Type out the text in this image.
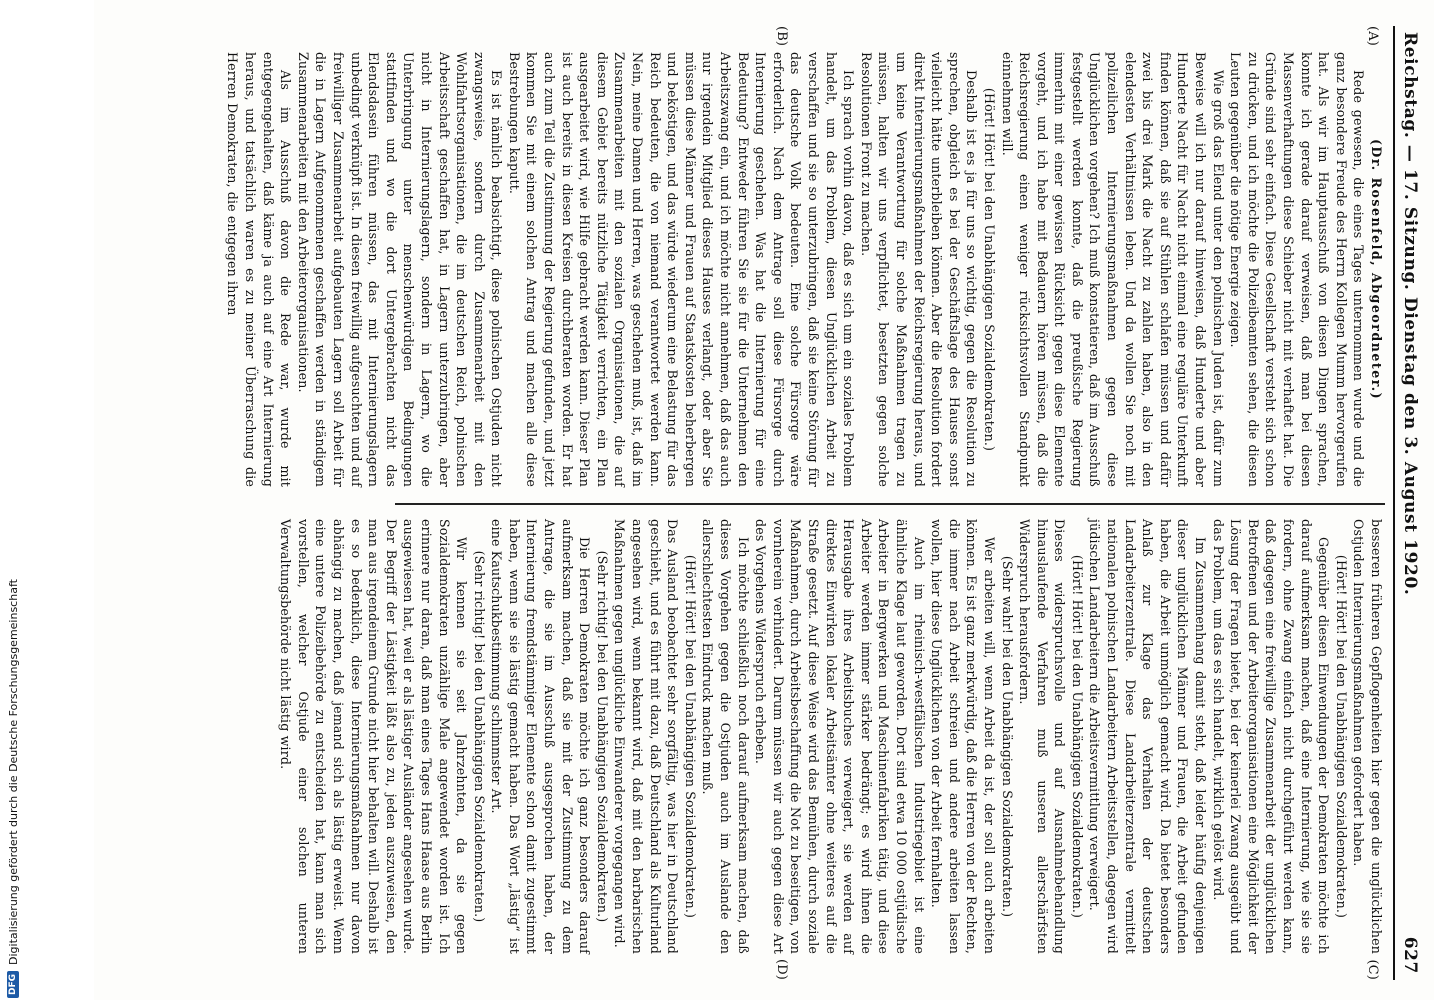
Reichstag. — 17. Sitzung. Dienstag den 3. August 1920.
627
(A)
(B)

(Dr. Rosenfeld, Abgeordneter.)

Rede gewesen, die eines Tages unternommen wurde und die ganz besondere Freude des Herrn Kollegen Mumm hervorgerufen hat. Als wir im Hauptausschuß von diesen Dingen sprachen, konnte ich gerade darauf verweisen, daß man bei diesen Massenverhaftungen diese Schieber nicht mit verhaftet hat. Die Gründe sind sehr einfach. Diese Gesellschaft versteht sich schon zu drücken, und ich möchte die Polizeibeamten sehen, die diesen Leuten gegenüber die nötige Energie zeigen.

Wie groß das Elend unter den polnischen Juden ist, dafür zum Beweise will ich nur darauf hinweisen, daß Hunderte und aber Hunderte Nacht für Nacht nicht einmal eine reguläre Unterkunft finden können, daß sie auf Stühlen schlafen müssen und dafür zwei bis drei Mark die Nacht zu zahlen haben, also in den elendesten Verhältnissen leben. Und da wollen Sie noch mit polizeilichen Internierungsmaßnahmen gegen diese Unglücklichen vorgehen? Ich muß konstatieren, daß im Ausschuß festgestellt werden konnte, daß die preußische Regierung immerhin mit einer gewissen Rücksicht gegen diese Elemente vorgeht, und ich habe mit Bedauern hören müssen, daß die Reichsregierung einen weniger rücksichtsvollen Standpunkt einnehmen will.

(Hört! Hört! bei den Unabhängigen Sozialdemokraten.)

Deshalb ist es ja für uns so wichtig, gegen die Resolution zu sprechen, obgleich es bei der Geschäftslage des Hauses sonst vielleicht hätte unterbleiben können. Aber die Resolution fordert direkt Internierungsmaßnahmen der Reichsregierung heraus, und um keine Verantwortung für solche Maßnahmen tragen zu müssen, halten wir uns verpflichtet, besetzten gegen solche Resolutionen Front zu machen.

Ich sprach vorhin davon, daß es sich um ein soziales Problem handelt, um das Problem, diesen Unglücklichen Arbeit zu verschaffen und sie so unterzubringen, daß sie keine Störung für das deutsche Volk bedeuten. Eine solche Fürsorge wäre erforderlich. Nach dem Antrage soll diese Fürsorge durch Internierung geschehen. Was hat die Internierung für eine Bedeutung? Entweder führen Sie sie für die Unternehmen den Arbeitszwang ein, und ich möchte nicht annehmen, daß das auch nur irgendein Mitglied dieses Hauses verlangt, oder aber Sie müssen diese Männer und Frauen auf Staatskosten beherbergen und beköstigen, und das würde wiederum eine Belastung für das Reich bedeuten, die von niemand verantwortet werden kann. Nein, meine Damen und Herren, was geschehen muß, ist, daß im Zusammenarbeiten mit den sozialen Organisationen, die auf diesem Gebiet bereits nützliche Tätigkeit verrichten, ein Plan ausgearbeitet wird, wie Hilfe gebracht werden kann. Dieser Plan ist auch bereits in diesen Kreisen durchberaten worden. Er hat auch zum Teil die Zustimmung der Regierung gefunden, und jetzt kommen Sie mit einem solchen Antrag und machen alle diese Bestrebungen kaputt.

Es ist nämlich beabsichtigt, diese polnischen Ostjuden nicht zwangsweise, sondern durch Zusammenarbeit mit den Wohlfahrtsorganisationen, die im deutschen Reich, polnischen Arbeitsschaft geschaffen hat, in Lagern unterzubringen, aber nicht in Internierungslagern, sondern in Lagern, wo die Unterbringung unter menschenwürdigen Bedingungen stattfinden und wo die dort Untergebrachten nicht das Elendsdasein führen müssen, das mit Internierungslagern unbedingt verknüpft ist. In diesen freiwillig aufgesuchten und auf freiwilliger Zusammenarbeit aufgebauten Lagern soll Arbeit für die in Lagern Aufgenommenen geschaffen werden in ständigem Zusammenarbeiten mit den Arbeiterorganisationen.

Als im Ausschuß davon die Rede war, wurde mit entgegengehalten, daß käme ja auch auf eine Art Internierung heraus, und tatsächlich waren es zu meiner Überraschung die Herren Demokraten, die entgegen ihren

(C)
(D)

besseren früheren Gepflogenheiten hier gegen die unglücklichen Ostjuden Internierungsmaßnahmen gefordert haben.

(Hört! Hört! bei den Unabhängigen Sozialdemokraten.)

Gegenüber diesen Einwendungen der Demokraten möchte ich darauf aufmerksam machen, daß eine Internierung, wie sie sie fordern, ohne Zwang einfach nicht durchgeführt werden kann, daß dagegen eine freiwillige Zusammenarbeit der unglücklichen Betroffenen und der Arbeiterorganisationen eine Möglichkeit der Lösung der Fragen bietet, bei der keinerlei Zwang ausgeübt und das Problem, um das es sich handelt, wirklich gelöst wird.

Im Zusammenhang damit steht, daß leider häufig denjenigen dieser unglücklichen Männer und Frauen, die Arbeit gefunden haben, die Arbeit unmöglich gemacht wird. Da bietet besonders Anlaß zur Klage das Verhalten der deutschen Landarbeiterzentrale. Diese Landarbeiterzentrale vermittelt nationalen polnischen Landarbeitern Arbeitsstellen, dagegen wird jüdischen Landarbeitern die Arbeitsvermittlung verweigert.

(Hört! Hört! bei den Unabhängigen Sozialdemokraten.)

Dieses widerspruchsvolle und auf Ausnahmebehandlung hinauslaufende Verfahren muß unseren allerschärfsten Widerspruch herausfordern.

(Sehr wahr! bei den Unabhängigen Sozialdemokraten.)

Wer arbeiten will, wenn Arbeit da ist, der soll auch arbeiten können. Es ist ganz merkwürdig, daß die Herren von der Rechten, die immer nach Arbeit schreien und andere arbeiten lassen wollen, hier diese Unglücklichen von der Arbeit fernhalten.

Auch im rheinisch-westfälischen Industriegebiet ist eine ähnliche Klage laut geworden. Dort sind etwa 10 000 ostjüdische Arbeiter in Bergwerken und Maschinenfabriken tätig, und diese Arbeiter werden immer stärker bedrängt; es wird ihnen die Herausgabe ihres Arbeitsbuches verweigert, sie werden auf direktes Einwirken lokaler Arbeitsämter ohne weiteres auf die Straße gesetzt. Auf diese Weise wird das Bemühen, durch soziale Maßnahmen, durch Arbeitsbeschaffung die Not zu beseitigen, von vornherein verhindert. Darum müssen wir auch gegen diese Art des Vorgehens Widerspruch erheben.

Ich möchte schließlich noch darauf aufmerksam machen, daß dieses Vorgehen gegen die Ostjuden auch im Auslande den allerschlechtesten Eindruck machen muß.

(Hört! Hört! bei den Unabhängigen Sozialdemokraten.)

Das Ausland beobachtet sehr sorgfältig, was hier in Deutschland geschieht, und es führt mit dazu, daß Deutschland als Kulturland angesehen wird, wenn bekannt wird, daß mit den barbarischen Maßnahmen gegen unglückliche Einwanderer vorgegangen wird.

(Sehr richtig! bei den Unabhängigen Sozialdemokraten.)

Die Herren Demokraten möchte ich ganz besonders darauf aufmerksam machen, daß sie mit der Zustimmung zu dem Antrage, die sie im Ausschuß ausgesprochen haben, der Internierung fremdstämmiger Elemente schon damit zugestimmt haben, wenn sie sie lästig gemacht haben. Das Wort „lästig“ ist eine Kautschukbestimmung schlimmster Art.

(Sehr richtig! bei den Unabhängigen Sozialdemokraten.)

Wir kennen sie seit Jahrzehnten, da sie gegen Sozialdemokraten unzählige Male angewendet worden ist. Ich erinnere nur daran, daß man eines Tages Hans Haase aus Berlin ausgewiesen hat, weil er als lästiger Ausländer angesehen wurde. Der Begriff der Lästigkeit läßt also zu, jeden auszuweisen, den man aus irgendeinem Grunde nicht hier behalten will. Deshalb ist es so bedenklich, diese Internierungsmaßnahmen nur davon abhängig zu machen, daß jemand sich als lästig erweist. Wenn eine untere Polizeibehörde zu entscheiden hat, kann man sich vorstellen, welcher Ostjude einer solchen unteren Verwaltungsbehörde nicht lästig wird.

DFG
Digitalisierung gefördert durch die Deutsche Forschungsgemeinschaft
